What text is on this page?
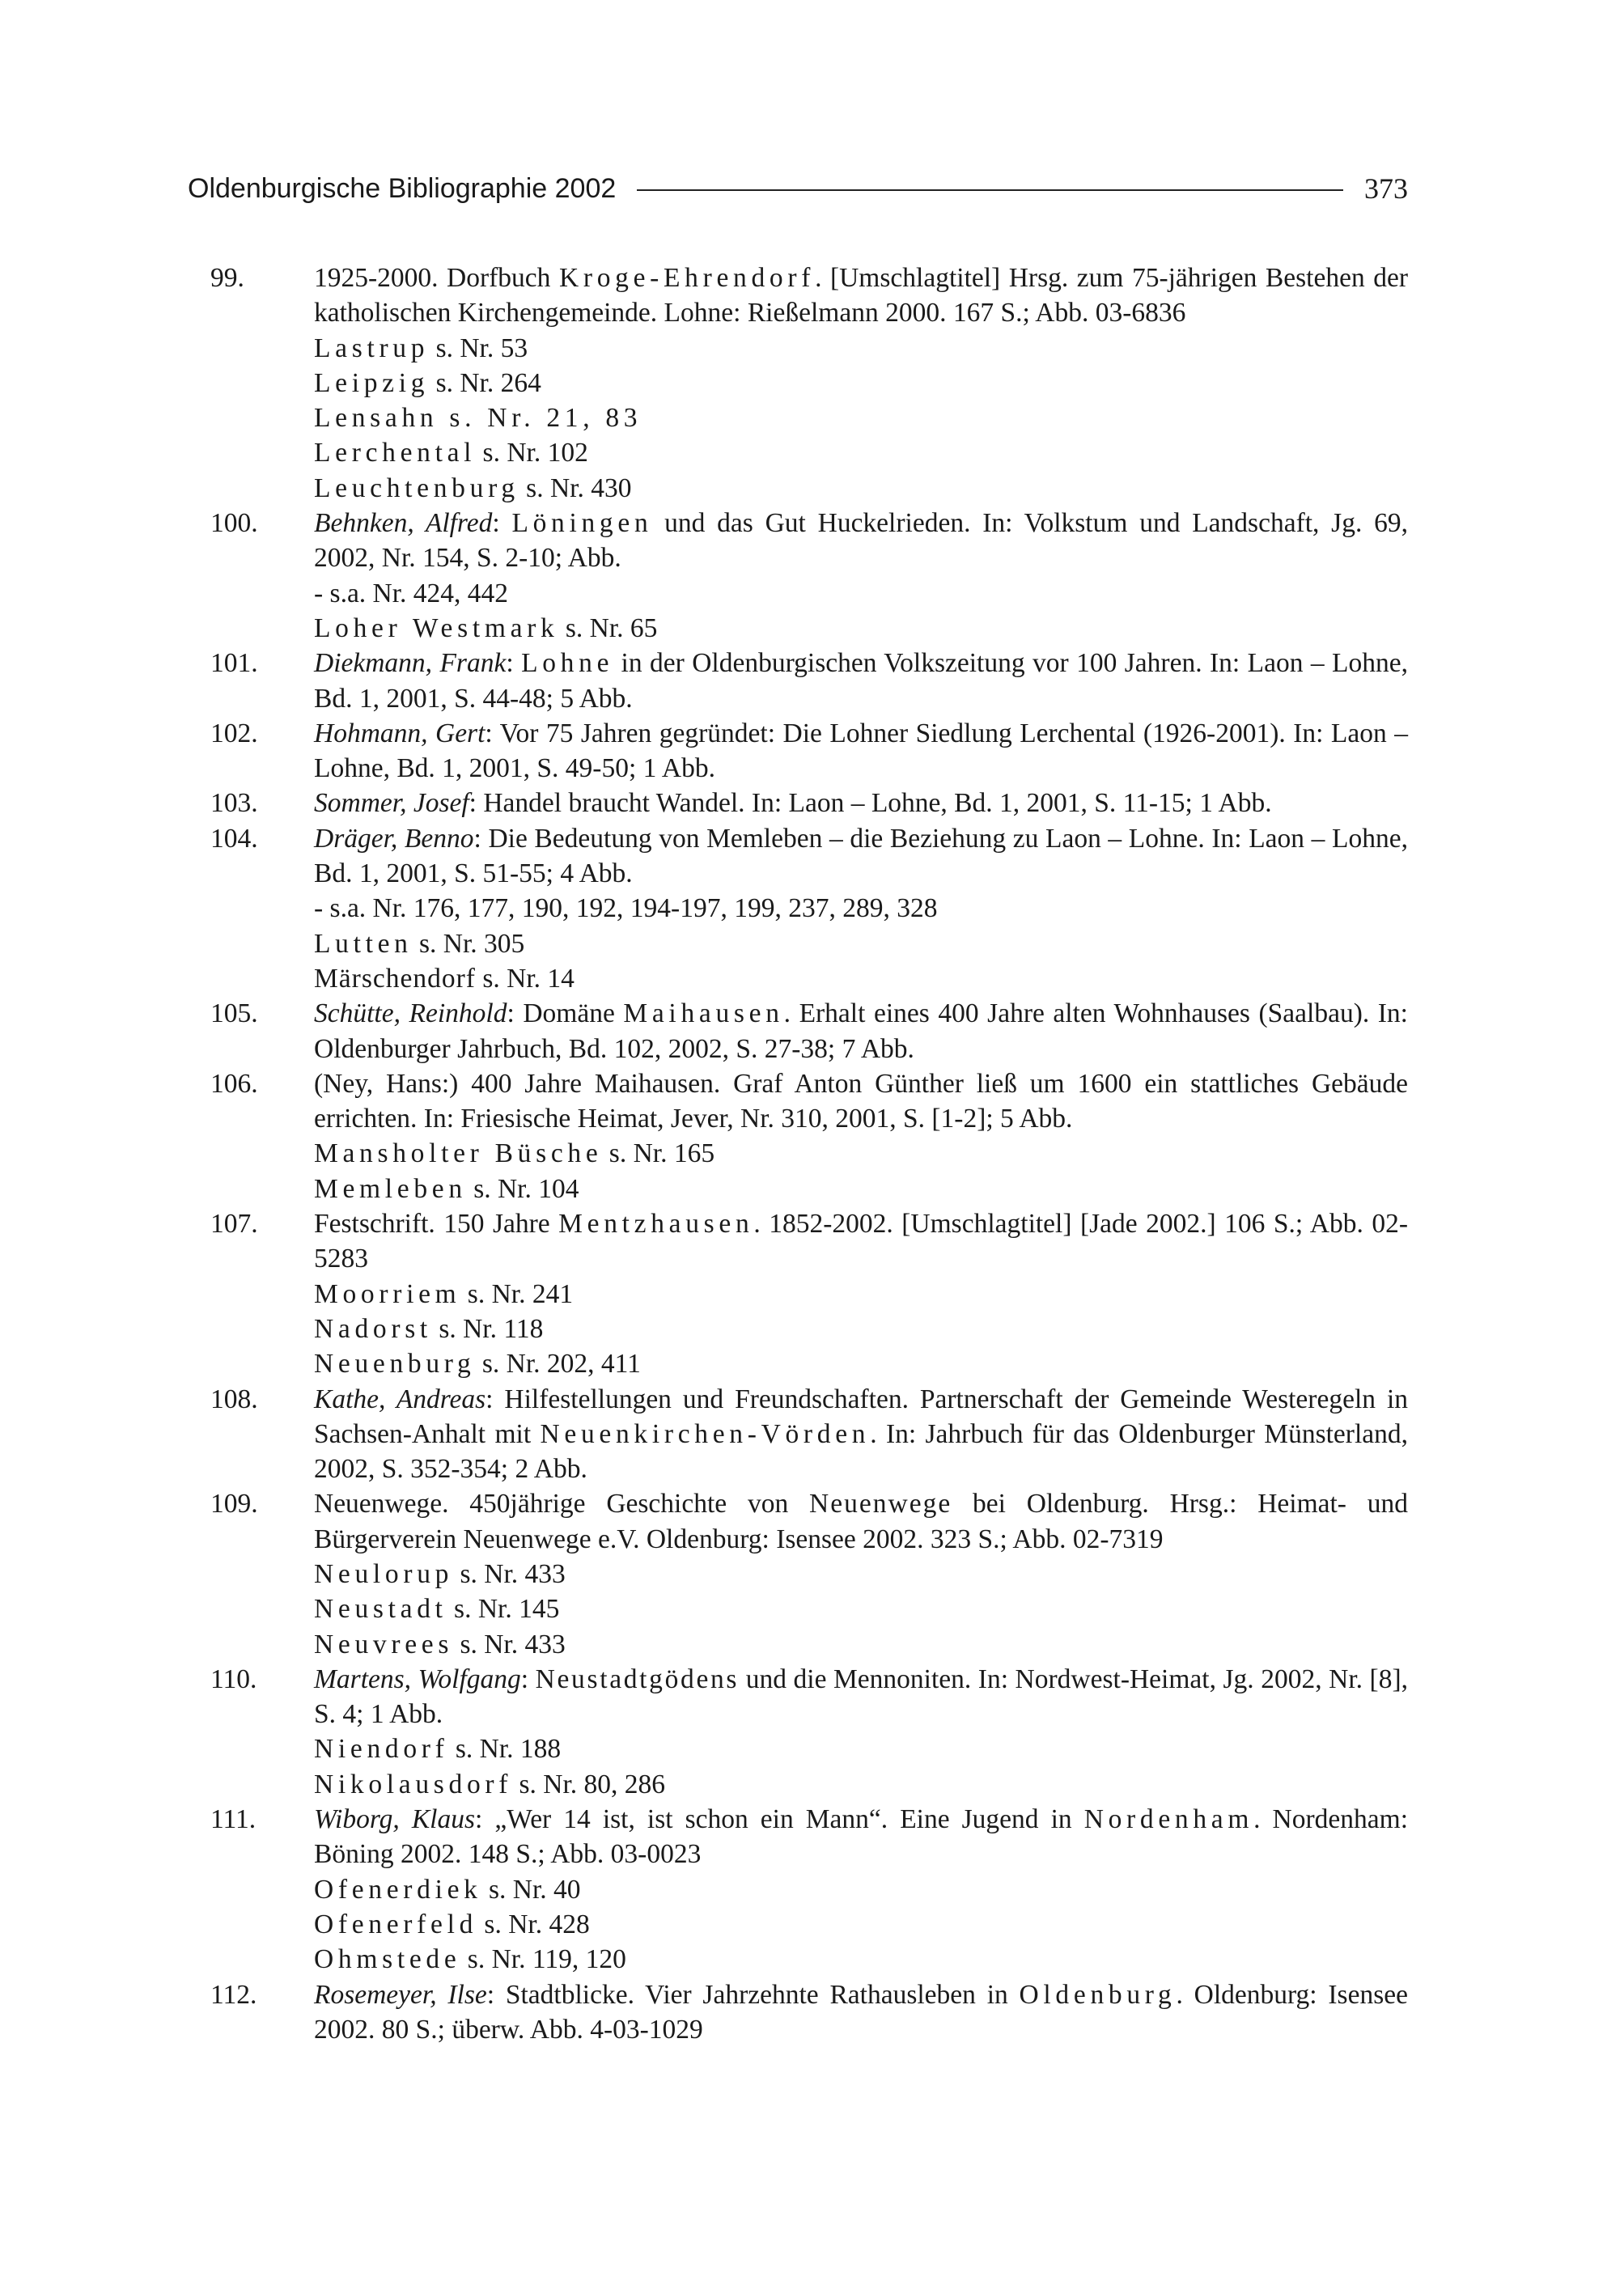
Oldenburgische Bibliographie 2002	373
99.	1925-2000. Dorfbuch Kroge-Ehrendorf. [Umschlagtitel] Hrsg. zum 75-jährigen Bestehen der katholischen Kirchengemeinde. Lohne: Rießelmann 2000. 167 S.; Abb. 03-6836
Lastrup s. Nr. 53
Leipzig s. Nr. 264
Lensahn s. Nr. 21, 83
Lerchental s. Nr. 102
Leuchtenburg s. Nr. 430
100.	Behnken, Alfred: Löningen und das Gut Huckelrieden. In: Volkstum und Landschaft, Jg. 69, 2002, Nr. 154, S. 2-10; Abb.
- s.a. Nr. 424, 442
Loher Westmark s. Nr. 65
101.	Diekmann, Frank: Lohne in der Oldenburgischen Volkszeitung vor 100 Jahren. In: Laon – Lohne, Bd. 1, 2001, S. 44-48; 5 Abb.
102.	Hohmann, Gert: Vor 75 Jahren gegründet: Die Lohner Siedlung Lerchental (1926-2001). In: Laon – Lohne, Bd. 1, 2001, S. 49-50; 1 Abb.
103.	Sommer, Josef: Handel braucht Wandel. In: Laon – Lohne, Bd. 1, 2001, S. 11-15; 1 Abb.
104.	Dräger, Benno: Die Bedeutung von Memleben – die Beziehung zu Laon – Lohne. In: Laon – Lohne, Bd. 1, 2001, S. 51-55; 4 Abb.
- s.a. Nr. 176, 177, 190, 192, 194-197, 199, 237, 289, 328
Lutten s. Nr. 305
Märschendorf s. Nr. 14
105.	Schütte, Reinhold: Domäne Maihausen. Erhalt eines 400 Jahre alten Wohnhauses (Saalbau). In: Oldenburger Jahrbuch, Bd. 102, 2002, S. 27-38; 7 Abb.
106.	(Ney, Hans:) 400 Jahre Maihausen. Graf Anton Günther ließ um 1600 ein stattliches Gebäude errichten. In: Friesische Heimat, Jever, Nr. 310, 2001, S. [1-2]; 5 Abb.
Mansholter Büsche s. Nr. 165
Memleben s. Nr. 104
107.	Festschrift. 150 Jahre Mentzhausen. 1852-2002. [Umschlagtitel] [Jade 2002.] 106 S.; Abb. 02-5283
Moorriem s. Nr. 241
Nadorst s. Nr. 118
Neuenburg s. Nr. 202, 411
108.	Kathe, Andreas: Hilfestellungen und Freundschaften. Partnerschaft der Gemeinde Westeregeln in Sachsen-Anhalt mit Neuenkirchen-Vörden. In: Jahrbuch für das Oldenburger Münsterland, 2002, S. 352-354; 2 Abb.
109.	Neuenwege. 450jährige Geschichte von Neuenwege bei Oldenburg. Hrsg.: Heimat- und Bürgerverein Neuenwege e.V. Oldenburg: Isensee 2002. 323 S.; Abb. 02-7319
Neulorup s. Nr. 433
Neustadt s. Nr. 145
Neuvrees s. Nr. 433
110.	Martens, Wolfgang: Neustadtgödens und die Mennoniten. In: Nordwest-Heimat, Jg. 2002, Nr. [8], S. 4; 1 Abb.
Niendorf s. Nr. 188
Nikolausdorf s. Nr. 80, 286
111.	Wiborg, Klaus: „Wer 14 ist, ist schon ein Mann“. Eine Jugend in Nordenham. Nordenham: Böning 2002. 148 S.; Abb. 03-0023
Ofenerdiek s. Nr. 40
Ofenerfeld s. Nr. 428
Ohmstede s. Nr. 119, 120
112.	Rosemeyer, Ilse: Stadtblicke. Vier Jahrzehnte Rathausleben in Oldenburg. Oldenburg: Isensee 2002. 80 S.; überw. Abb. 4-03-1029
